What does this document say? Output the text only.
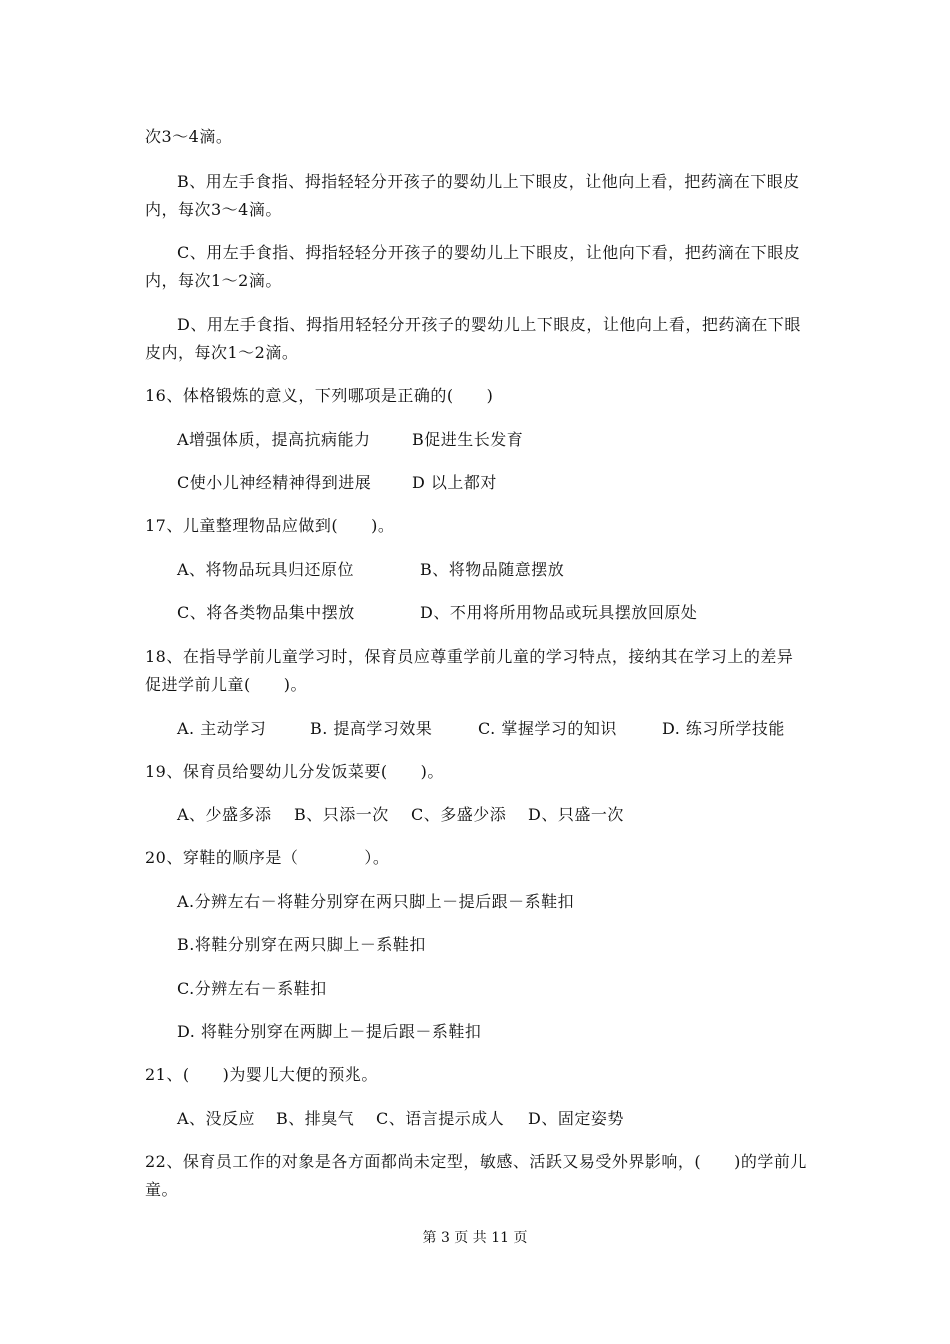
次3～4滴。
B、用左手食指、拇指轻轻分开孩子的婴幼儿上下眼皮，让他向上看，把药滴在下眼皮
内，每次3～4滴。
C、用左手食指、拇指轻轻分开孩子的婴幼儿上下眼皮，让他向下看，把药滴在下眼皮
内，每次1～2滴。
D、用左手食指、拇指用轻轻分开孩子的婴幼儿上下眼皮，让他向上看，把药滴在下眼
皮内，每次1～2滴。
16、体格锻炼的意义，下列哪项是正确的(　　)
A增强体质，提高抗病能力	B促进生长发育
C使小儿神经精神得到进展	D 以上都对
17、儿童整理物品应做到(　　)。
A、将物品玩具归还原位	B、将物品随意摆放
C、将各类物品集中摆放	D、不用将所用物品或玩具摆放回原处
18、在指导学前儿童学习时，保育员应尊重学前儿童的学习特点，接纳其在学习上的差异
促进学前儿童(　　)。
A. 主动学习	B. 提高学习效果	C. 掌握学习的知识	D. 练习所学技能
19、保育员给婴幼儿分发饭菜要(　　)。
A、少盛多添 B、只添一次 C、多盛少添 D、只盛一次
20、穿鞋的顺序是（　　　　）。
A.分辨左右－将鞋分别穿在两只脚上－提后跟－系鞋扣
B.将鞋分别穿在两只脚上－系鞋扣
C.分辨左右－系鞋扣
D. 将鞋分别穿在两脚上－提后跟－系鞋扣
21、(　　)为婴儿大便的预兆。
A、没反应 B、排臭气 C、语言提示成人 D、固定姿势
22、保育员工作的对象是各方面都尚未定型，敏感、活跃又易受外界影响，(　　)的学前儿
童。
第 3 页 共 11 页
